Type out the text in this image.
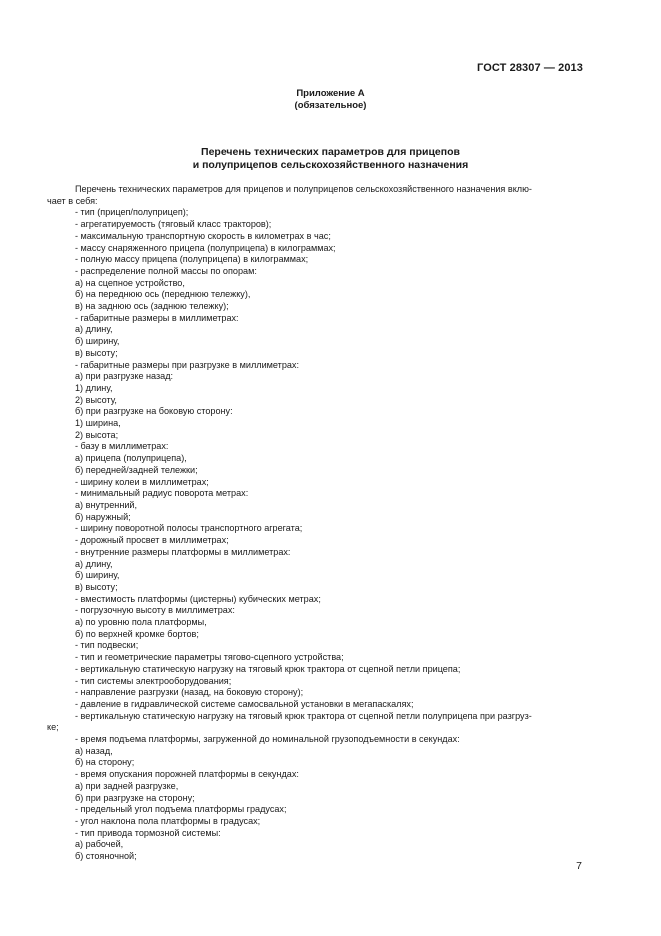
ГОСТ 28307 — 2013
Приложение А
(обязательное)
Перечень технических параметров для прицепов
и полуприцепов сельскохозяйственного назначения
Перечень технических параметров для прицепов и полуприцепов сельскохозяйственного назначения вклю-
чает в себя:
- тип (прицеп/полуприцеп);
- агрегатируемость (тяговый класс тракторов);
- максимальную транспортную скорость в километрах в час;
- массу снаряженного прицепа (полуприцепа) в килограммах;
- полную массу прицепа (полуприцепа) в килограммах;
- распределение полной массы по опорам:
а) на сцепное устройство,
б) на переднюю ось (переднюю тележку),
в) на заднюю ось (заднюю тележку);
- габаритные размеры в миллиметрах:
а) длину,
б) ширину,
в) высоту;
- габаритные размеры при разгрузке в миллиметрах:
а) при разгрузке назад:
1) длину,
2) высоту,
б) при разгрузке на боковую сторону:
1) ширина,
2) высота;
- базу в миллиметрах:
а) прицепа (полуприцепа),
б) передней/задней тележки;
- ширину колеи в миллиметрах;
- минимальный радиус поворота метрах:
а) внутренний,
б) наружный;
- ширину поворотной полосы транспортного агрегата;
- дорожный просвет в миллиметрах;
- внутренние размеры платформы в миллиметрах:
а) длину,
б) ширину,
в) высоту;
- вместимость платформы (цистерны) кубических метрах;
- погрузочную высоту в миллиметрах:
а) по уровню пола платформы,
б) по верхней кромке бортов;
- тип подвески;
- тип и геометрические параметры тягово-сцепного устройства;
- вертикальную статическую нагрузку на тяговый крюк трактора от сцепной петли прицепа;
- тип системы электрооборудования;
- направление разгрузки (назад, на боковую сторону);
- давление в гидравлической системе самосвальной установки в мегапаскалях;
- вертикальную статическую нагрузку на тяговый крюк трактора от сцепной петли полуприцепа при разгруз-
ке;
- время подъема платформы, загруженной до номинальной грузоподъемности в секундах:
а) назад,
б) на сторону;
- время опускания порожней платформы в секундах:
а) при задней разгрузке,
б) при разгрузке на сторону;
- предельный угол подъема платформы градусах;
- угол наклона пола платформы в градусах;
- тип привода тормозной системы:
а) рабочей,
б) стояночной;
7
